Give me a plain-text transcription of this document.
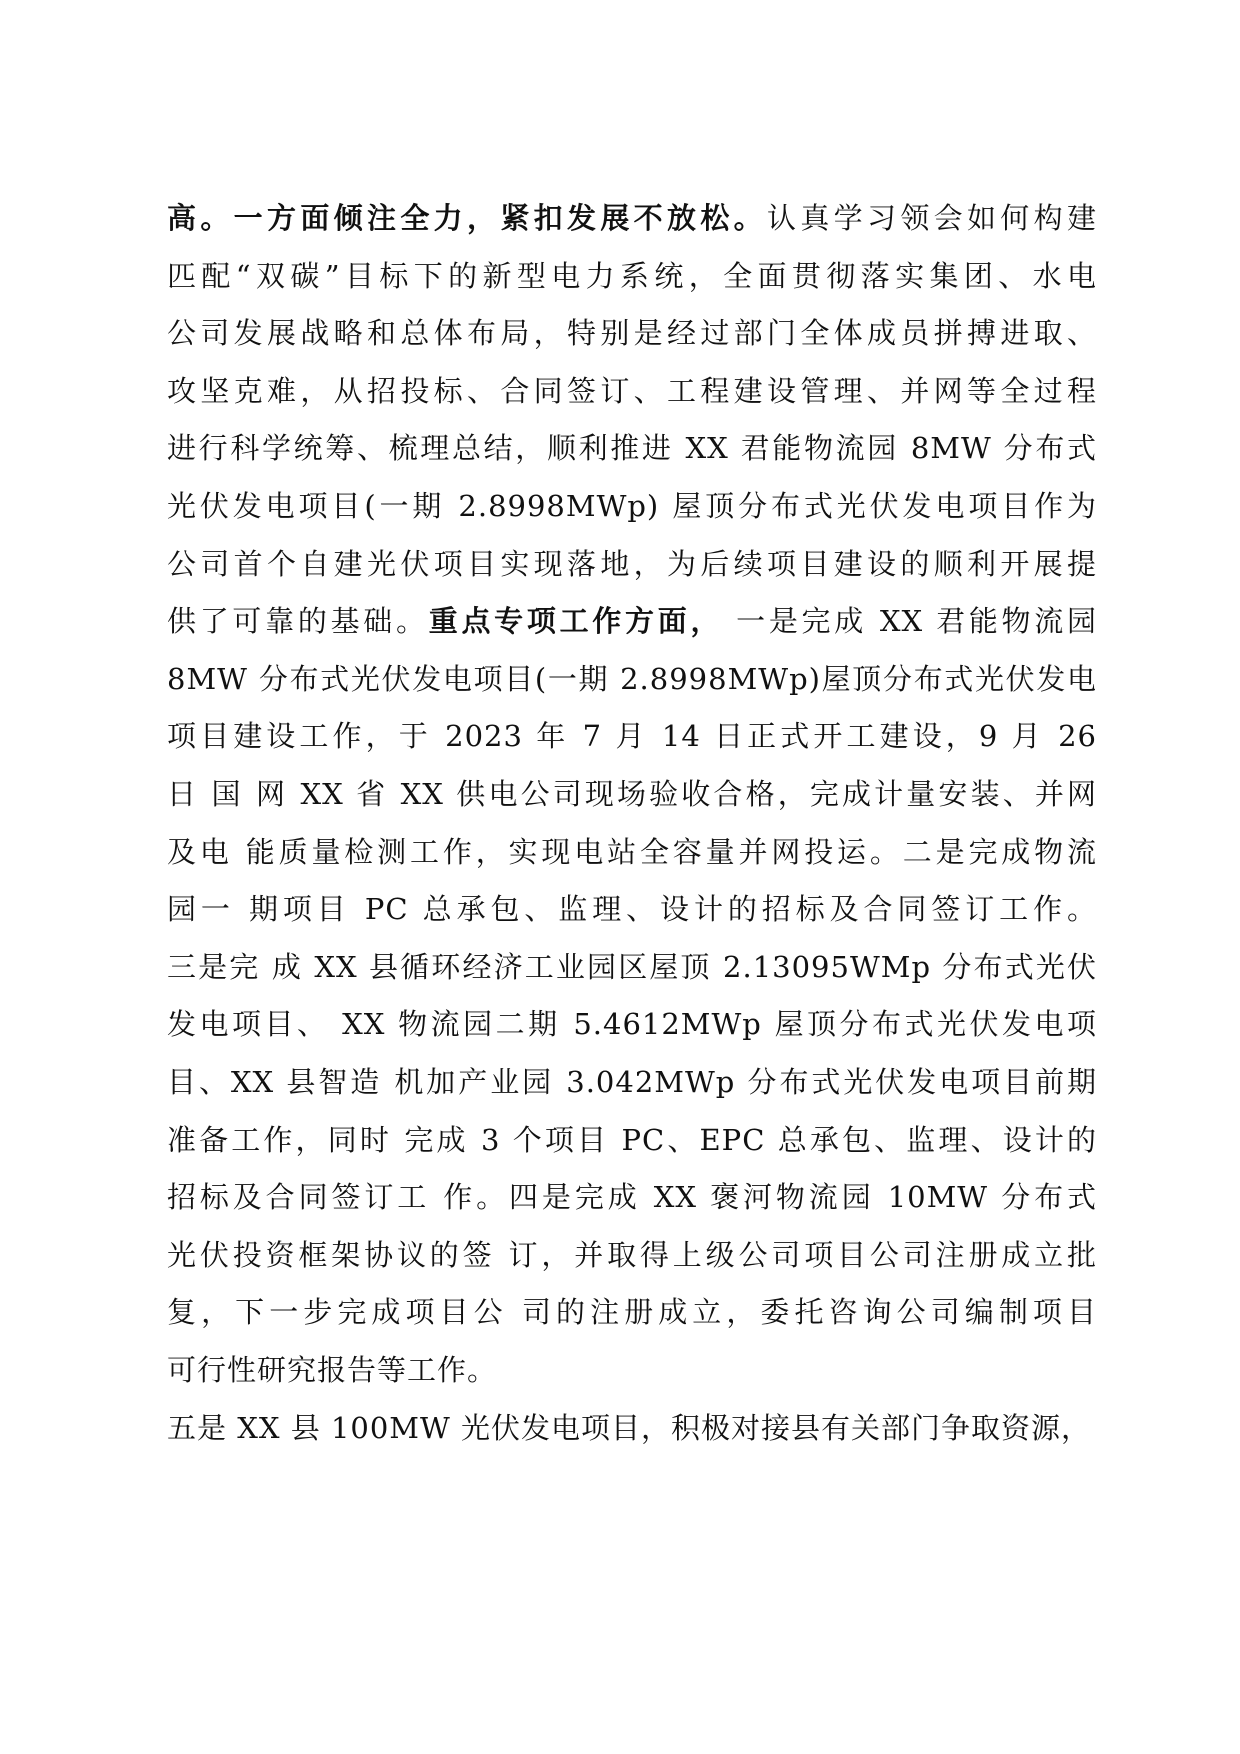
高。一方面倾注全力，紧扣发展不放松。认真学习领会如何构建
匹配“双碳”目标下的新型电力系统，全面贯彻落实集团、水电
公司发展战略和总体布局，特别是经过部门全体成员拼搏进取、
攻坚克难，从招投标、合同签订、工程建设管理、并网等全过程
进行科学统筹、梳理总结，顺利推进 XX 君能物流园 8MW 分布式
光伏发电项目(一期 2.8998MWp) 屋顶分布式光伏发电项目作为
公司首个自建光伏项目实现落地，为后续项目建设的顺利开展提
供了可靠的基础。重点专项工作方面， 一是完成 XX 君能物流园
8MW 分布式光伏发电项目(一期 2.8998MWp)屋顶分布式光伏发电
项目建设工作，于 2023 年 7 月 14 日正式开工建设，9 月 26
日 国 网 XX 省 XX 供电公司现场验收合格，完成计量安装、并网
及电 能质量检测工作，实现电站全容量并网投运。二是完成物流
园一 期项目 PC 总承包、监理、设计的招标及合同签订工作。
三是完 成 XX 县循环经济工业园区屋顶 2.13095WMp 分布式光伏
发电项目、 XX 物流园二期 5.4612MWp 屋顶分布式光伏发电项
目、XX 县智造 机加产业园 3.042MWp 分布式光伏发电项目前期
准备工作，同时 完成 3 个项目 PC、EPC 总承包、监理、设计的
招标及合同签订工 作。四是完成 XX 褒河物流园 10MW 分布式
光伏投资框架协议的签 订，并取得上级公司项目公司注册成立批
复，下一步完成项目公 司的注册成立，委托咨询公司编制项目
可行性研究报告等工作。
五是 XX 县 100MW 光伏发电项目，积极对接县有关部门争取资源，
